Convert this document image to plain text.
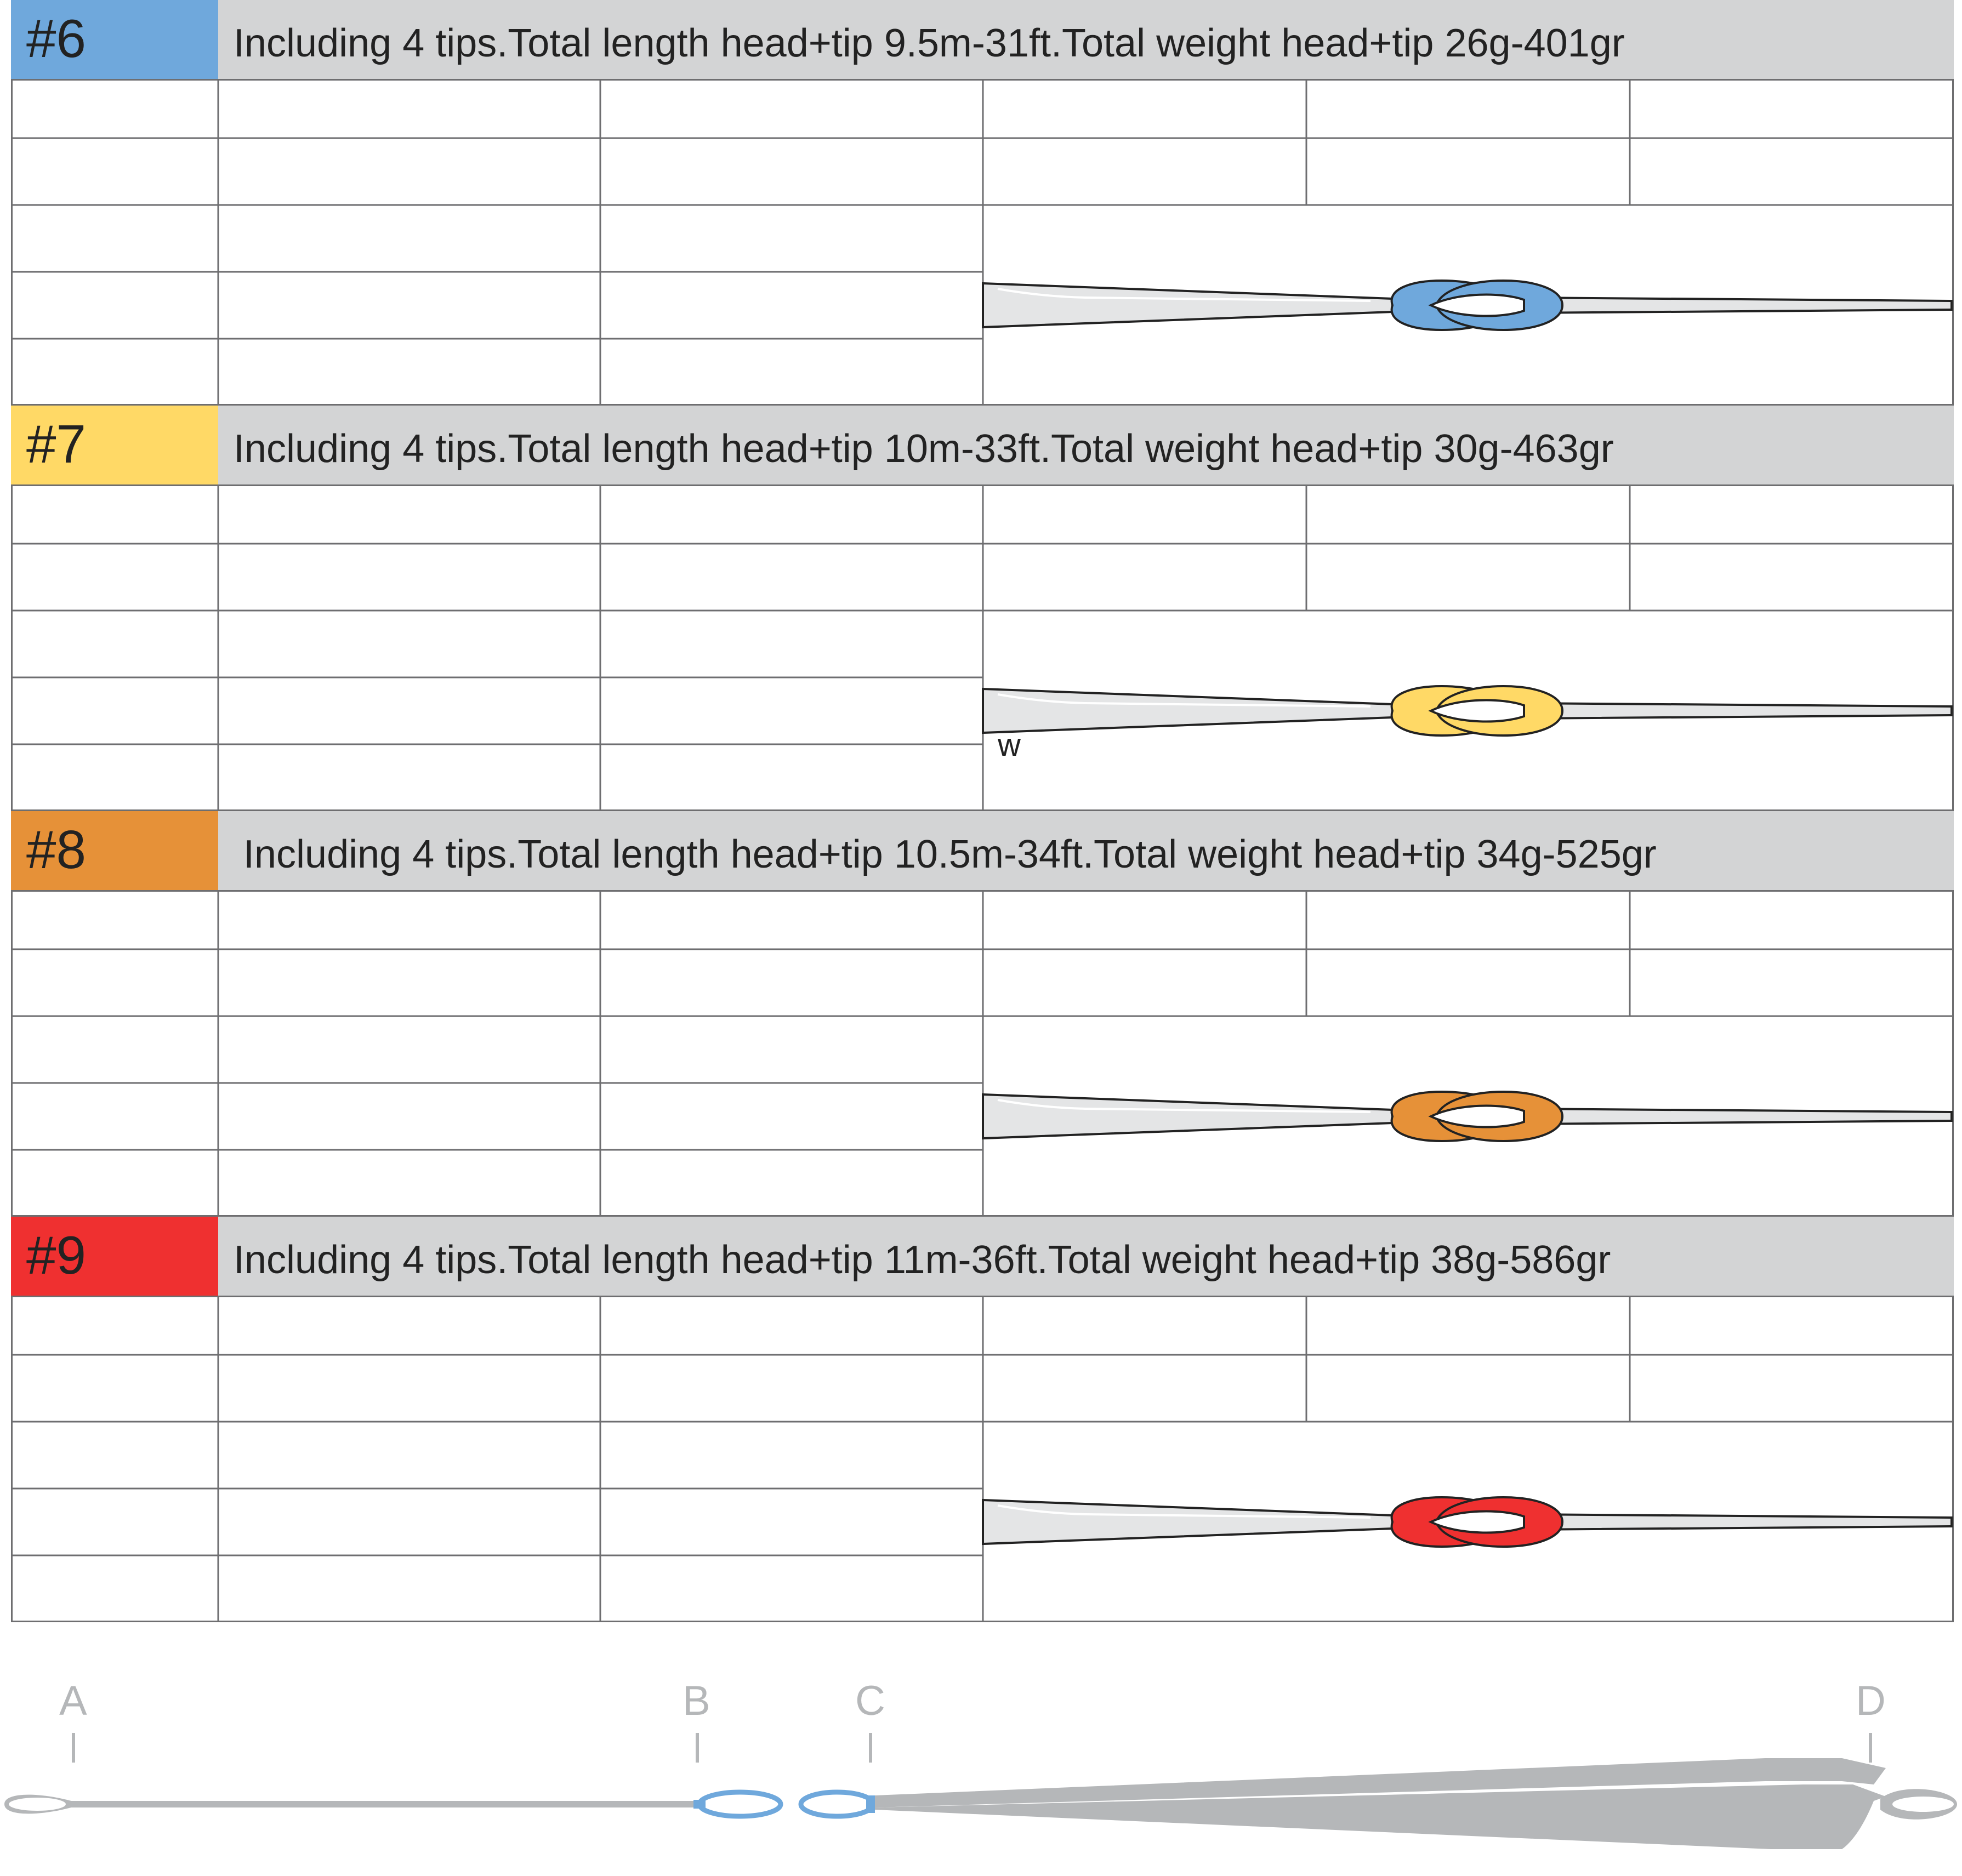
#6	Including 4 tips.Total length head+tip 9.5m-31ft.Total weight head+tip 26g-401gr
#7	Including 4 tips.Total length head+tip 10m-33ft.Total weight head+tip 30g-463gr
w
#8	Including 4 tips.Total length head+tip 10.5m-34ft.Total weight head+tip 34g-525gr
#9	Including 4 tips.Total length head+tip 11m-36ft.Total weight head+tip 38g-586gr
A	B	C	D
